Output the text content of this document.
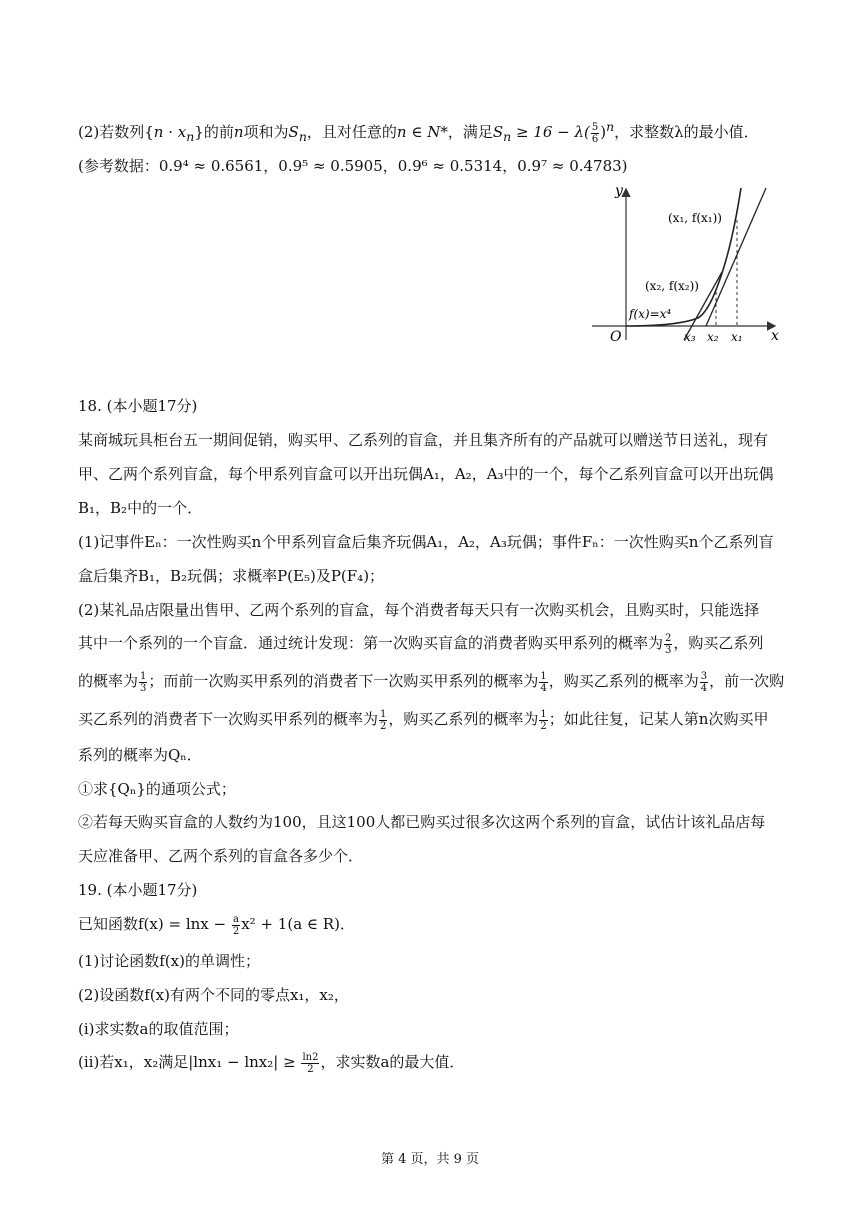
(2)若数列$\{n \cdot x_n\}$的前n项和为$S_n$，且对任意的n ∈ N*，满足$S_n \ge 16 - \lambda( \frac{5}{6} )^n$，求整数λ的最小值．
(参考数据：0.9⁴ ≈ 0.6561，0.9⁵ ≈ 0.5905，0.9⁶ ≈ 0.5314，0.9⁷ ≈ 0.4783)
y
x
O
(x₁, f(x₁))
(x₂, f(x₂))
f(x)=x⁴
x₃ x₂ x₁
18. (本小题17分)
某商城玩具柜台五一期间促销，购买甲、乙系列的盲盒，并且集齐所有的产品就可以赠送节日送礼，现有
甲、乙两个系列盲盒，每个甲系列盲盒可以开出玩偶A₁，A₂，A₃中的一个，每个乙系列盲盒可以开出玩偶
B₁，B₂中的一个．
(1)记事件Eₙ：一次性购买n个甲系列盲盒后集齐玩偶A₁，A₂，A₃玩偶；事件Fₙ：一次性购买n个乙系列盲
盒后集齐B₁，B₂玩偶；求概率P(E₅)及P(F₄)；
(2)某礼品店限量出售甲、乙两个系列的盲盒，每个消费者每天只有一次购买机会，且购买时，只能选择
其中一个系列的一个盲盒．通过统计发现：第一次购买盲盒的消费者购买甲系列的概率为 $\frac{2}{3}$ ，购买乙系列
的概率为 $\frac{1}{3}$ ；而前一次购买甲系列的消费者下一次购买甲系列的概率为 $\frac{1}{4}$ ，购买乙系列的概率为 $\frac{3}{4}$ ，前一次购
买乙系列的消费者下一次购买甲系列的概率为 $\frac{1}{2}$ ，购买乙系列的概率为 $\frac{1}{2}$ ；如此往复，记某人第n次购买甲
系列的概率为Qₙ．
①求{Qₙ}的通项公式；
②若每天购买盲盒的人数约为100，且这100人都已购买过很多次这两个系列的盲盒，试估计该礼品店每
天应准备甲、乙两个系列的盲盒各多少个．
19. (本小题17分)
已知函数$f(x) = \ln x - \frac{a}{2} x^2 + 1(a$ ∈ R)．
(1)讨论函数f(x)的单调性；
(2)设函数f(x)有两个不同的零点x₁，x₂，
(ⅰ)求实数a的取值范围；
(ⅱ)若x₁，x₂满足$|\ln x_1 - \ln x_2| \ge \frac{\ln 2}{2}$ ，求实数a的最大值．
第 4 页，共 9 页
